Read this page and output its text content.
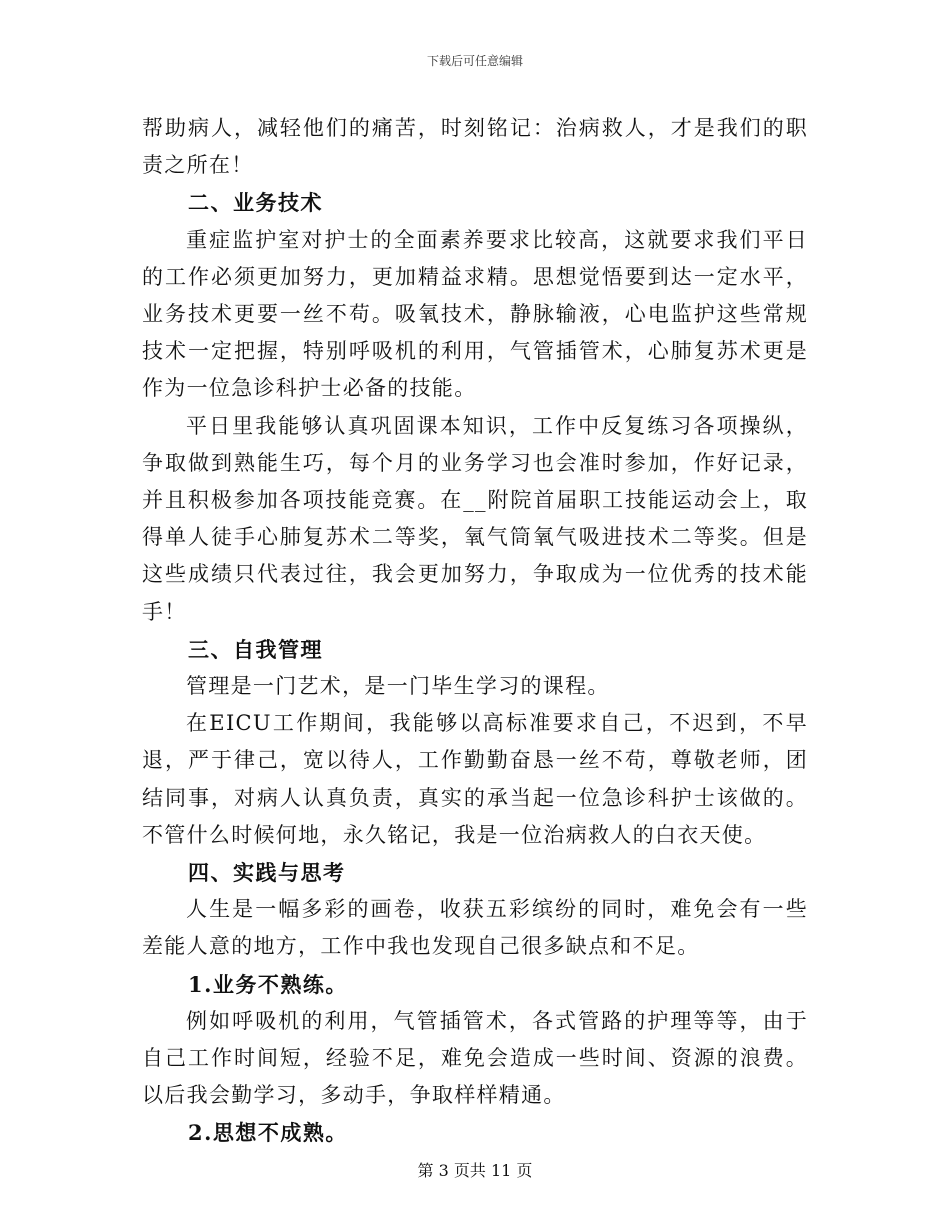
下载后可任意编辑

帮助病人，减轻他们的痛苦，时刻铭记：治病救人，才是我们的职责之所在！

二、业务技术

重症监护室对护士的全面素养要求比较高，这就要求我们平日的工作必须更加努力，更加精益求精。思想觉悟要到达一定水平，业务技术更要一丝不苟。吸氧技术，静脉输液，心电监护这些常规技术一定把握，特别呼吸机的利用，气管插管术，心肺复苏术更是作为一位急诊科护士必备的技能。

平日里我能够认真巩固课本知识，工作中反复练习各项操纵，争取做到熟能生巧，每个月的业务学习也会准时参加，作好记录，并且积极参加各项技能竞赛。在__附院首届职工技能运动会上，取得单人徒手心肺复苏术二等奖，氧气筒氧气吸进技术二等奖。但是这些成绩只代表过往，我会更加努力，争取成为一位优秀的技术能手！

三、自我管理

管理是一门艺术，是一门毕生学习的课程。

在EICU工作期间，我能够以高标准要求自己，不迟到，不早退，严于律己，宽以待人，工作勤勤奋恳一丝不苟，尊敬老师，团结同事，对病人认真负责，真实的承当起一位急诊科护士该做的。不管什么时候何地，永久铭记，我是一位治病救人的白衣天使。

四、实践与思考

人生是一幅多彩的画卷，收获五彩缤纷的同时，难免会有一些差能人意的地方，工作中我也发现自己很多缺点和不足。

1.业务不熟练。

例如呼吸机的利用，气管插管术，各式管路的护理等等，由于自己工作时间短，经验不足，难免会造成一些时间、资源的浪费。以后我会勤学习，多动手，争取样样精通。

2.思想不成熟。

第 3 页共 11 页
